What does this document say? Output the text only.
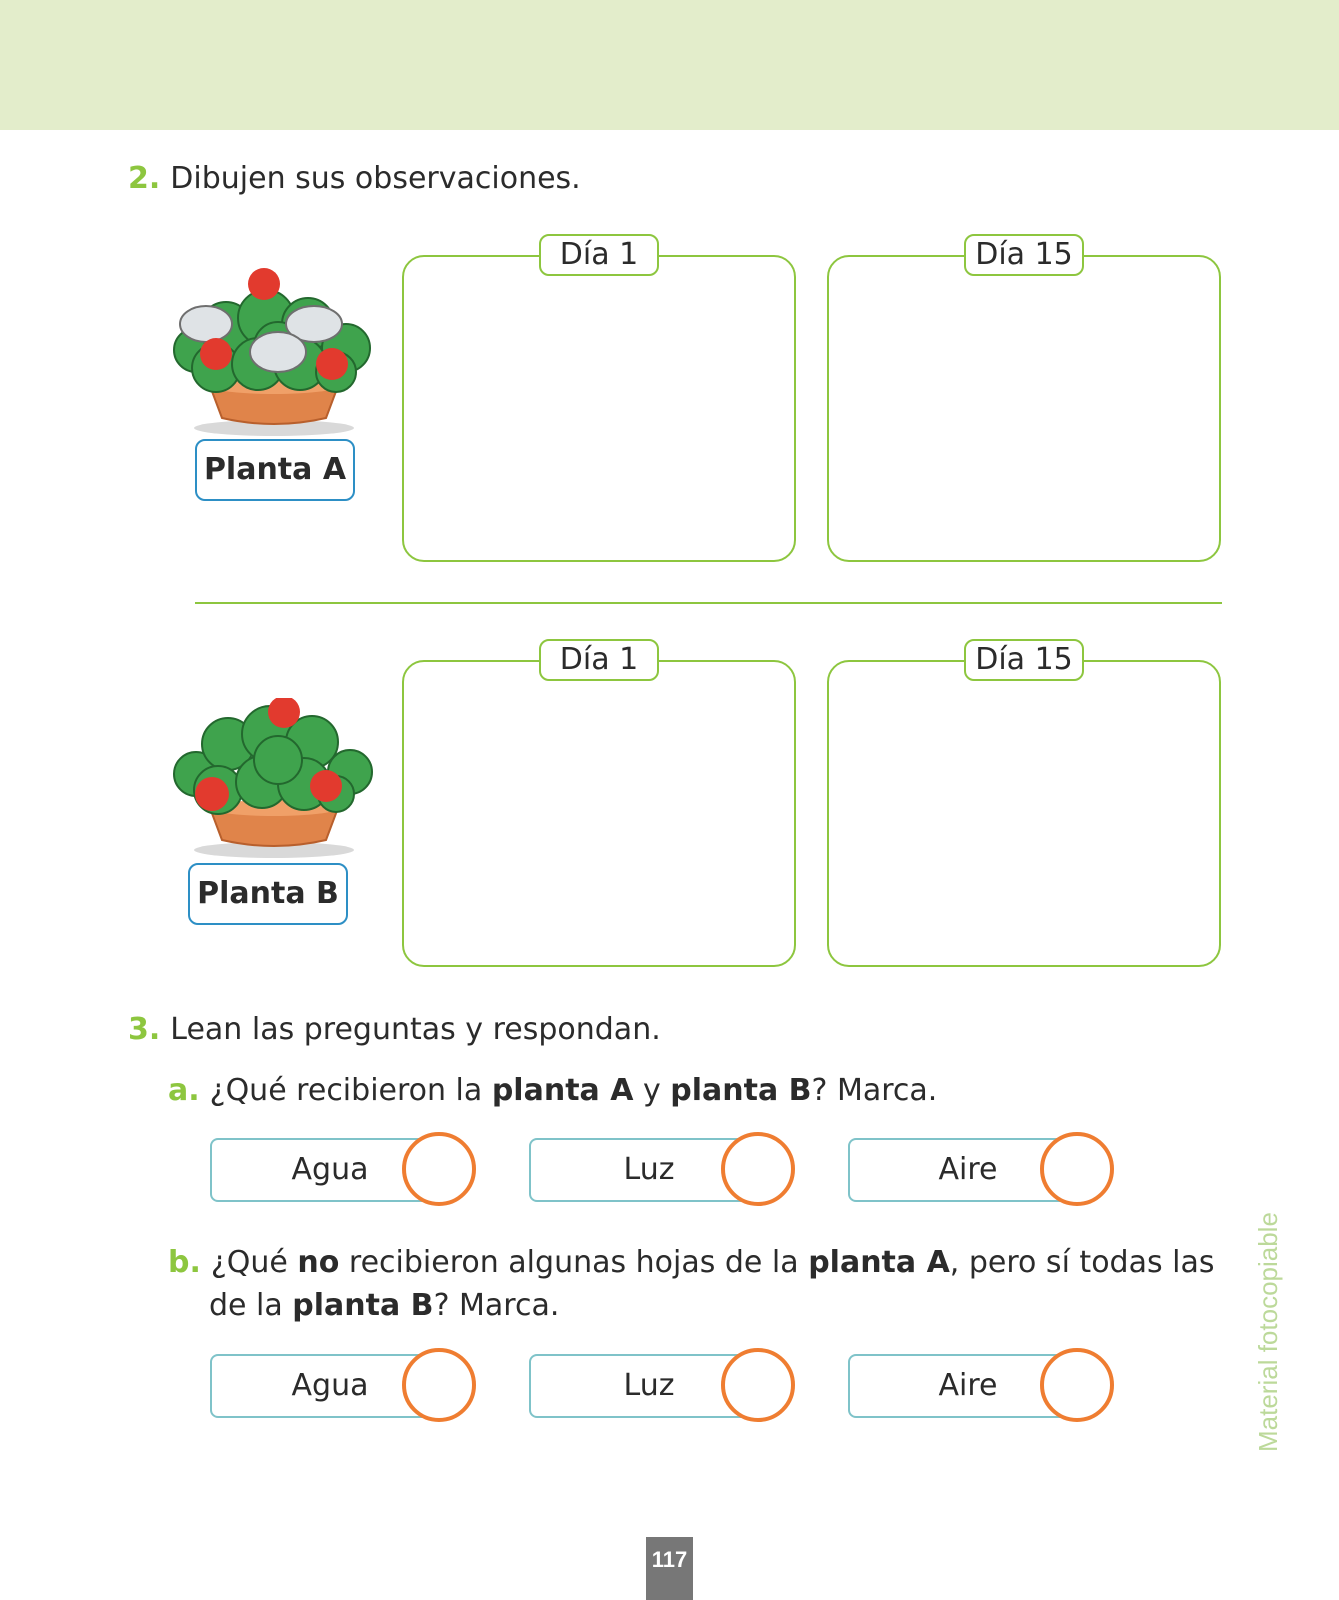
2. Dibujen sus observaciones.
Planta A
Día 1	Día 15
Planta B
Día 1	Día 15
3. Lean las preguntas y respondan.
a. ¿Qué recibieron la planta A y planta B? Marca.
Agua	Luz	Aire
b. ¿Qué no recibieron algunas hojas de la planta A, pero sí todas las
de la planta B? Marca.
Agua	Luz	Aire	Material fotocopiable
117
